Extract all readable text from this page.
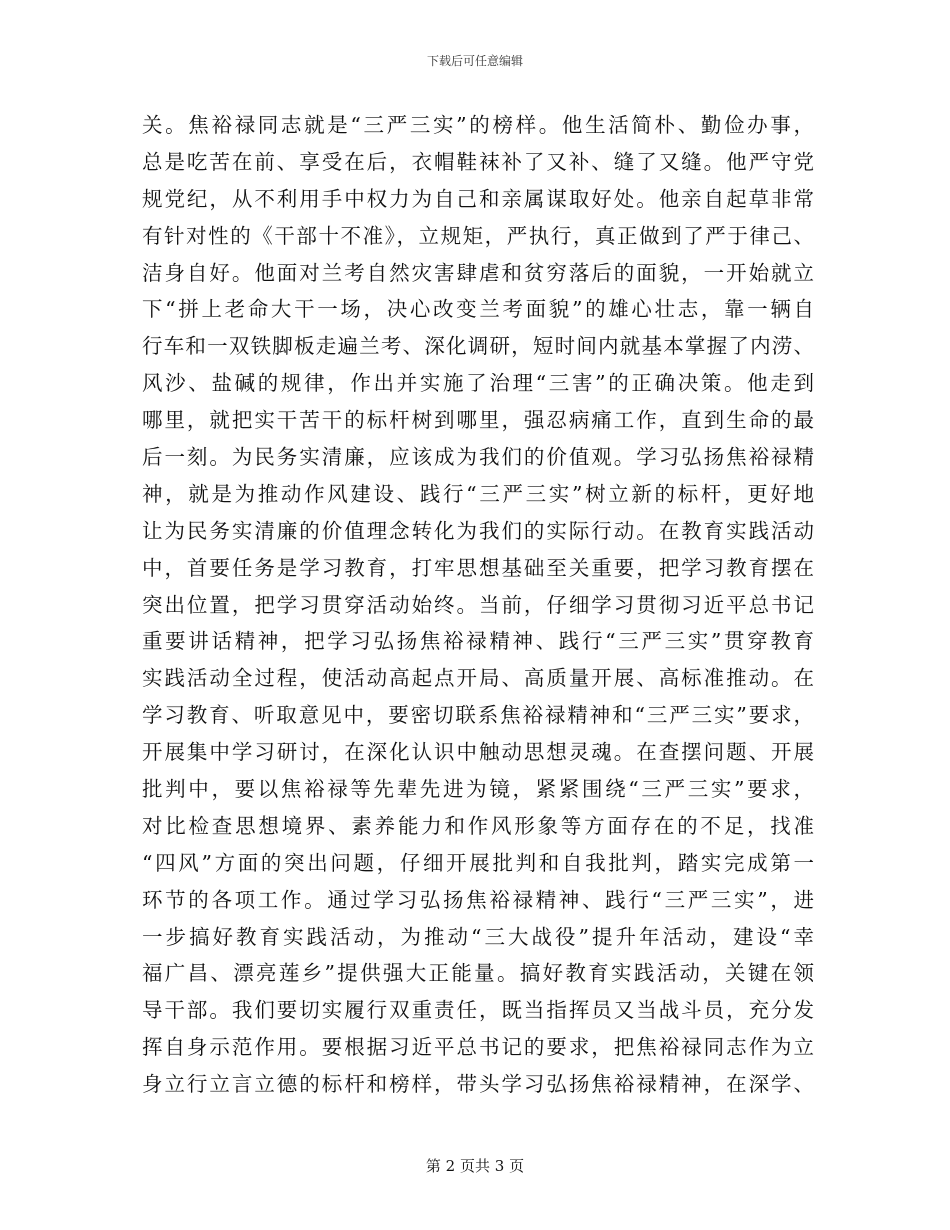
下载后可任意编辑
关。焦裕禄同志就是“三严三实”的榜样。他生活简朴、勤俭办事，
总是吃苦在前、享受在后，衣帽鞋袜补了又补、缝了又缝。他严守党
规党纪，从不利用手中权力为自己和亲属谋取好处。他亲自起草非常
有针对性的《干部十不准》，立规矩，严执行，真正做到了严于律己、
洁身自好。他面对兰考自然灾害肆虐和贫穷落后的面貌，一开始就立
下“拼上老命大干一场，决心改变兰考面貌”的雄心壮志，靠一辆自
行车和一双铁脚板走遍兰考、深化调研，短时间内就基本掌握了内涝、
风沙、盐碱的规律，作出并实施了治理“三害”的正确决策。他走到
哪里，就把实干苦干的标杆树到哪里，强忍病痛工作，直到生命的最
后一刻。为民务实清廉，应该成为我们的价值观。学习弘扬焦裕禄精
神，就是为推动作风建设、践行“三严三实”树立新的标杆，更好地
让为民务实清廉的价值理念转化为我们的实际行动。在教育实践活动
中，首要任务是学习教育，打牢思想基础至关重要，把学习教育摆在
突出位置，把学习贯穿活动始终。当前，仔细学习贯彻习近平总书记
重要讲话精神，把学习弘扬焦裕禄精神、践行“三严三实”贯穿教育
实践活动全过程，使活动高起点开局、高质量开展、高标准推动。在
学习教育、听取意见中，要密切联系焦裕禄精神和“三严三实”要求，
开展集中学习研讨，在深化认识中触动思想灵魂。在查摆问题、开展
批判中，要以焦裕禄等先辈先进为镜，紧紧围绕“三严三实”要求，
对比检查思想境界、素养能力和作风形象等方面存在的不足，找准
“四风”方面的突出问题，仔细开展批判和自我批判，踏实完成第一
环节的各项工作。通过学习弘扬焦裕禄精神、践行“三严三实”，进
一步搞好教育实践活动，为推动“三大战役”提升年活动，建设“幸
福广昌、漂亮莲乡”提供强大正能量。搞好教育实践活动，关键在领
导干部。我们要切实履行双重责任，既当指挥员又当战斗员，充分发
挥自身示范作用。要根据习近平总书记的要求，把焦裕禄同志作为立
身立行立言立德的标杆和榜样，带头学习弘扬焦裕禄精神，在深学、
第 2 页共 3 页
